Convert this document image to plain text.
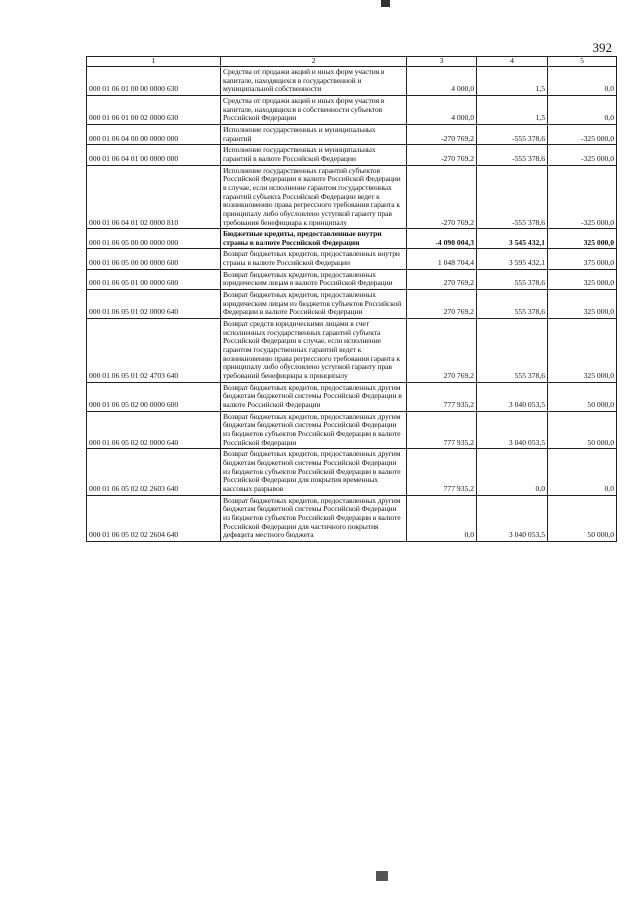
392
1	2	3	4	5
000 01 06 01 00 00 0000 630	Средства от продажи акций и иных форм участия в капитале, находящихся в государственной и муниципальной собственности	4 000,0	1,5	0,0
000 01 06 01 00 02 0000 630	Средства от продажи акций и иных форм участия в капитале, находящихся в собственности субъектов Российской Федерации	4 000,0	1,5	0,0
000 01 06 04 00 00 0000 000	Исполнение государственных и муниципальных гарантий	-270 769,2	-555 378,6	-325 000,0
000 01 06 04 01 00 0000 000	Исполнение государственных и муниципальных гарантий в валюте Российской Федерации	-270 769,2	-555 378,6	-325 000,0
000 01 06 04 01 02 0000 810	Исполнение государственных гарантий субъектов Российской Федерации в валюте Российской Федерации в случае, если исполнение гарантом государственных гарантий субъекта Российской Федерации ведет к возникновению права регрессного требования гаранта к принципалу либо обусловлено уступкой гаранту прав требования бенефициара к принципалу	-270 769,2	-555 378,6	-325 000,0
000 01 06 05 00 00 0000 000	Бюджетные кредиты, предоставленные внутри страны в валюте Российской Федерации	-4 090 004,3	3 545 432,1	325 000,0
000 01 06 05 00 00 0000 600	Возврат бюджетных кредитов, предоставленных внутри страны в валюте Российской Федерации	1 048 704,4	3 595 432,1	375 000,0
000 01 06 05 01 00 0000 600	Возврат бюджетных кредитов, предоставленных юридическим лицам в валюте Российской Федерации	270 769,2	555 378,6	325 000,0
000 01 06 05 01 02 0000 640	Возврат бюджетных кредитов, предоставленных юридическим лицам из бюджетов субъектов Российской Федерации в валюте Российской Федерации	270 769,2	555 378,6	325 000,0
000 01 06 05 01 02 4703 640	Возврат средств юридическими лицами в счет исполненных государственных гарантий субъекта Российской Федерации в случае, если исполнение гарантом государственных гарантий ведет к возникновению права регрессного требования гаранта к принципалу либо обусловлено уступкой гаранту прав требований бенефициара к принципалу	270 769,2	555 378,6	325 000,0
000 01 06 05 02 00 0000 600	Возврат бюджетных кредитов, предоставленных другим бюджетам бюджетной системы Российской Федерации в валюте Российской Федерации	777 935,2	3 040 053,5	50 000,0
000 01 06 05 02 02 0000 640	Возврат бюджетных кредитов, предоставленных другим бюджетам бюджетной системы Российской Федерации из бюджетов субъектов Российской Федерации в валюте Российской Федерации	777 935,2	3 040 053,5	50 000,0
000 01 06 05 02 02 2603 640	Возврат бюджетных кредитов, предоставленных другим бюджетам бюджетной системы Российской Федерации из бюджетов субъектов Российской Федерации в валюте Российской Федерации для покрытия временных кассовых разрывов	777 935,2	0,0	0,0
000 01 06 05 02 02 2604 640	Возврат бюджетных кредитов, предоставленных другим бюджетам бюджетной системы Российской Федерации из бюджетов субъектов Российской Федерации в валюте Российской Федерации для частичного покрытия дефицита местного бюджета	0,0	3 040 053,5	50 000,0
